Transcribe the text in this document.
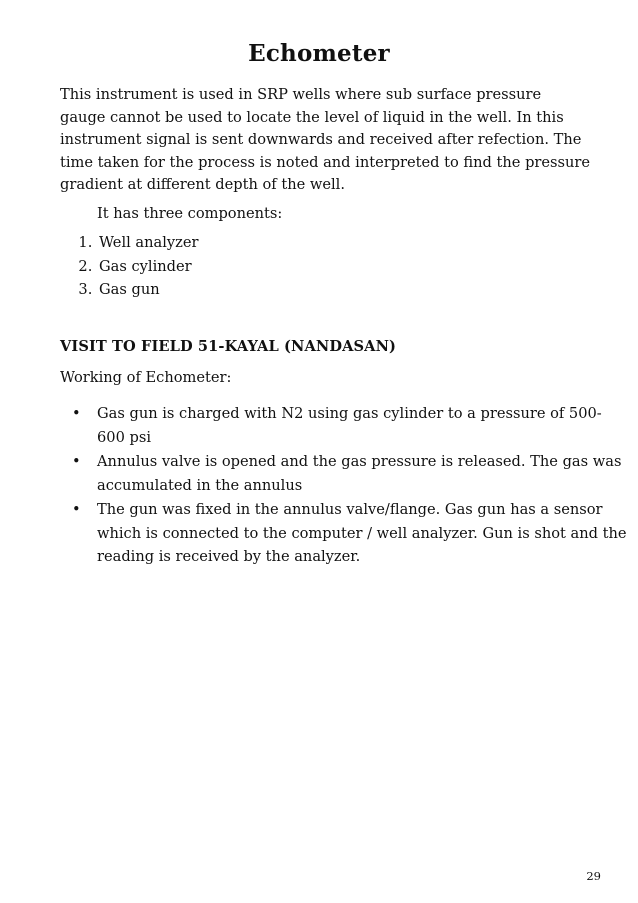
Echometer
This instrument is used in SRP wells where sub surface pressure gauge cannot be used to locate the level of liquid in the well. In this instrument signal is sent downwards and received after refection. The time taken for the process is noted and interpreted to find the pressure gradient at different depth of the well.
It has three components:
1. Well analyzer
2. Gas cylinder
3. Gas gun
VISIT TO FIELD 51-KAYAL (NANDASAN)
Working of Echometer:
• Gas gun is charged with N2 using gas cylinder to a pressure of 500-600 psi
• Annulus valve is opened and the gas pressure is released. The gas was accumulated in the annulus
• The gun was fixed in the annulus valve/flange. Gas gun has a sensor which is connected to the computer / well analyzer. Gun is shot and the reading is received by the analyzer.
29
